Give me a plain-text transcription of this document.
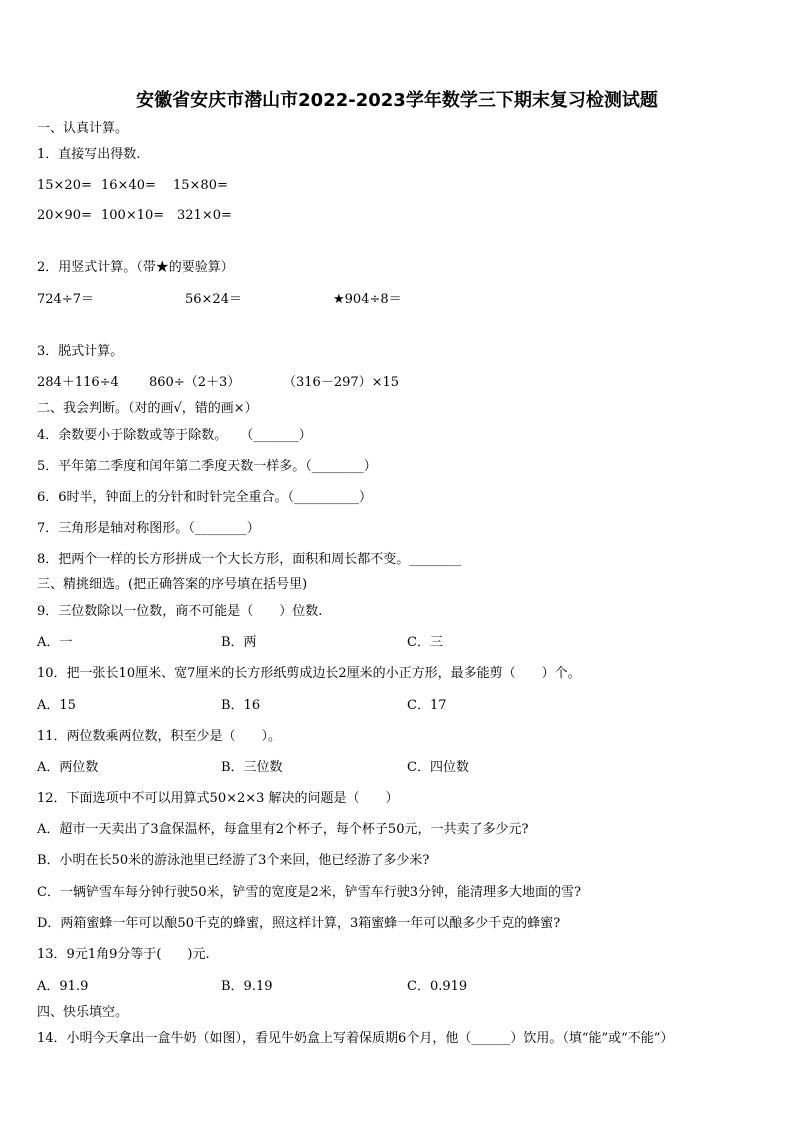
安徽省安庆市潜山市2022-2023学年数学三下期末复习检测试题
一、认真计算。
1．直接写出得数.
15×20= 16×40= 15×80=
20×90= 100×10= 321×0=
2．用竖式计算。（带★的要验算）
724÷7＝	56×24＝	★904÷8＝
3．脱式计算。
284＋116÷4 860÷（2＋3）	（316－297）×15
二、我会判断。（对的画√，错的画×）
4．余数要小于除数或等于除数。　　（_______）
5．平年第二季度和闰年第二季度天数一样多。（________）
6．6时半，钟面上的分针和时针完全重合。（__________）
7．三角形是轴对称图形。（________）
8．把两个一样的长方形拼成一个大长方形，面积和周长都不变。________
三、精挑细选。(把正确答案的序号填在括号里)
9．三位数除以一位数，商不可能是（　　）位数.
A．一	B．两	C．三
10．把一张长10厘米、宽7厘米的长方形纸剪成边长2厘米的小正方形，最多能剪（　　）个。
A．15	B．16	C．17
11．两位数乘两位数，积至少是（　　）。
A．两位数	B．三位数	C．四位数
12．下面选项中不可以用算式50×2×3 解决的问题是（　　）
A．超市一天卖出了3盒保温杯，每盒里有2个杯子，每个杯子50元，一共卖了多少元?
B．小明在长50米的游泳池里已经游了3个来回，他已经游了多少米?
C．一辆铲雪车每分钟行驶50米，铲雪的宽度是2米，铲雪车行驶3分钟，能清理多大地面的雪?
D．两箱蜜蜂一年可以酿50千克的蜂蜜，照这样计算，3箱蜜蜂一年可以酿多少千克的蜂蜜?
13．9元1角9分等于(　　)元.
A．91.9	B．9.19	C．0.919
四、快乐填空。
14．小明今天拿出一盒牛奶（如图），看见牛奶盒上写着保质期6个月，他（______）饮用。（填“能”或“不能”）
